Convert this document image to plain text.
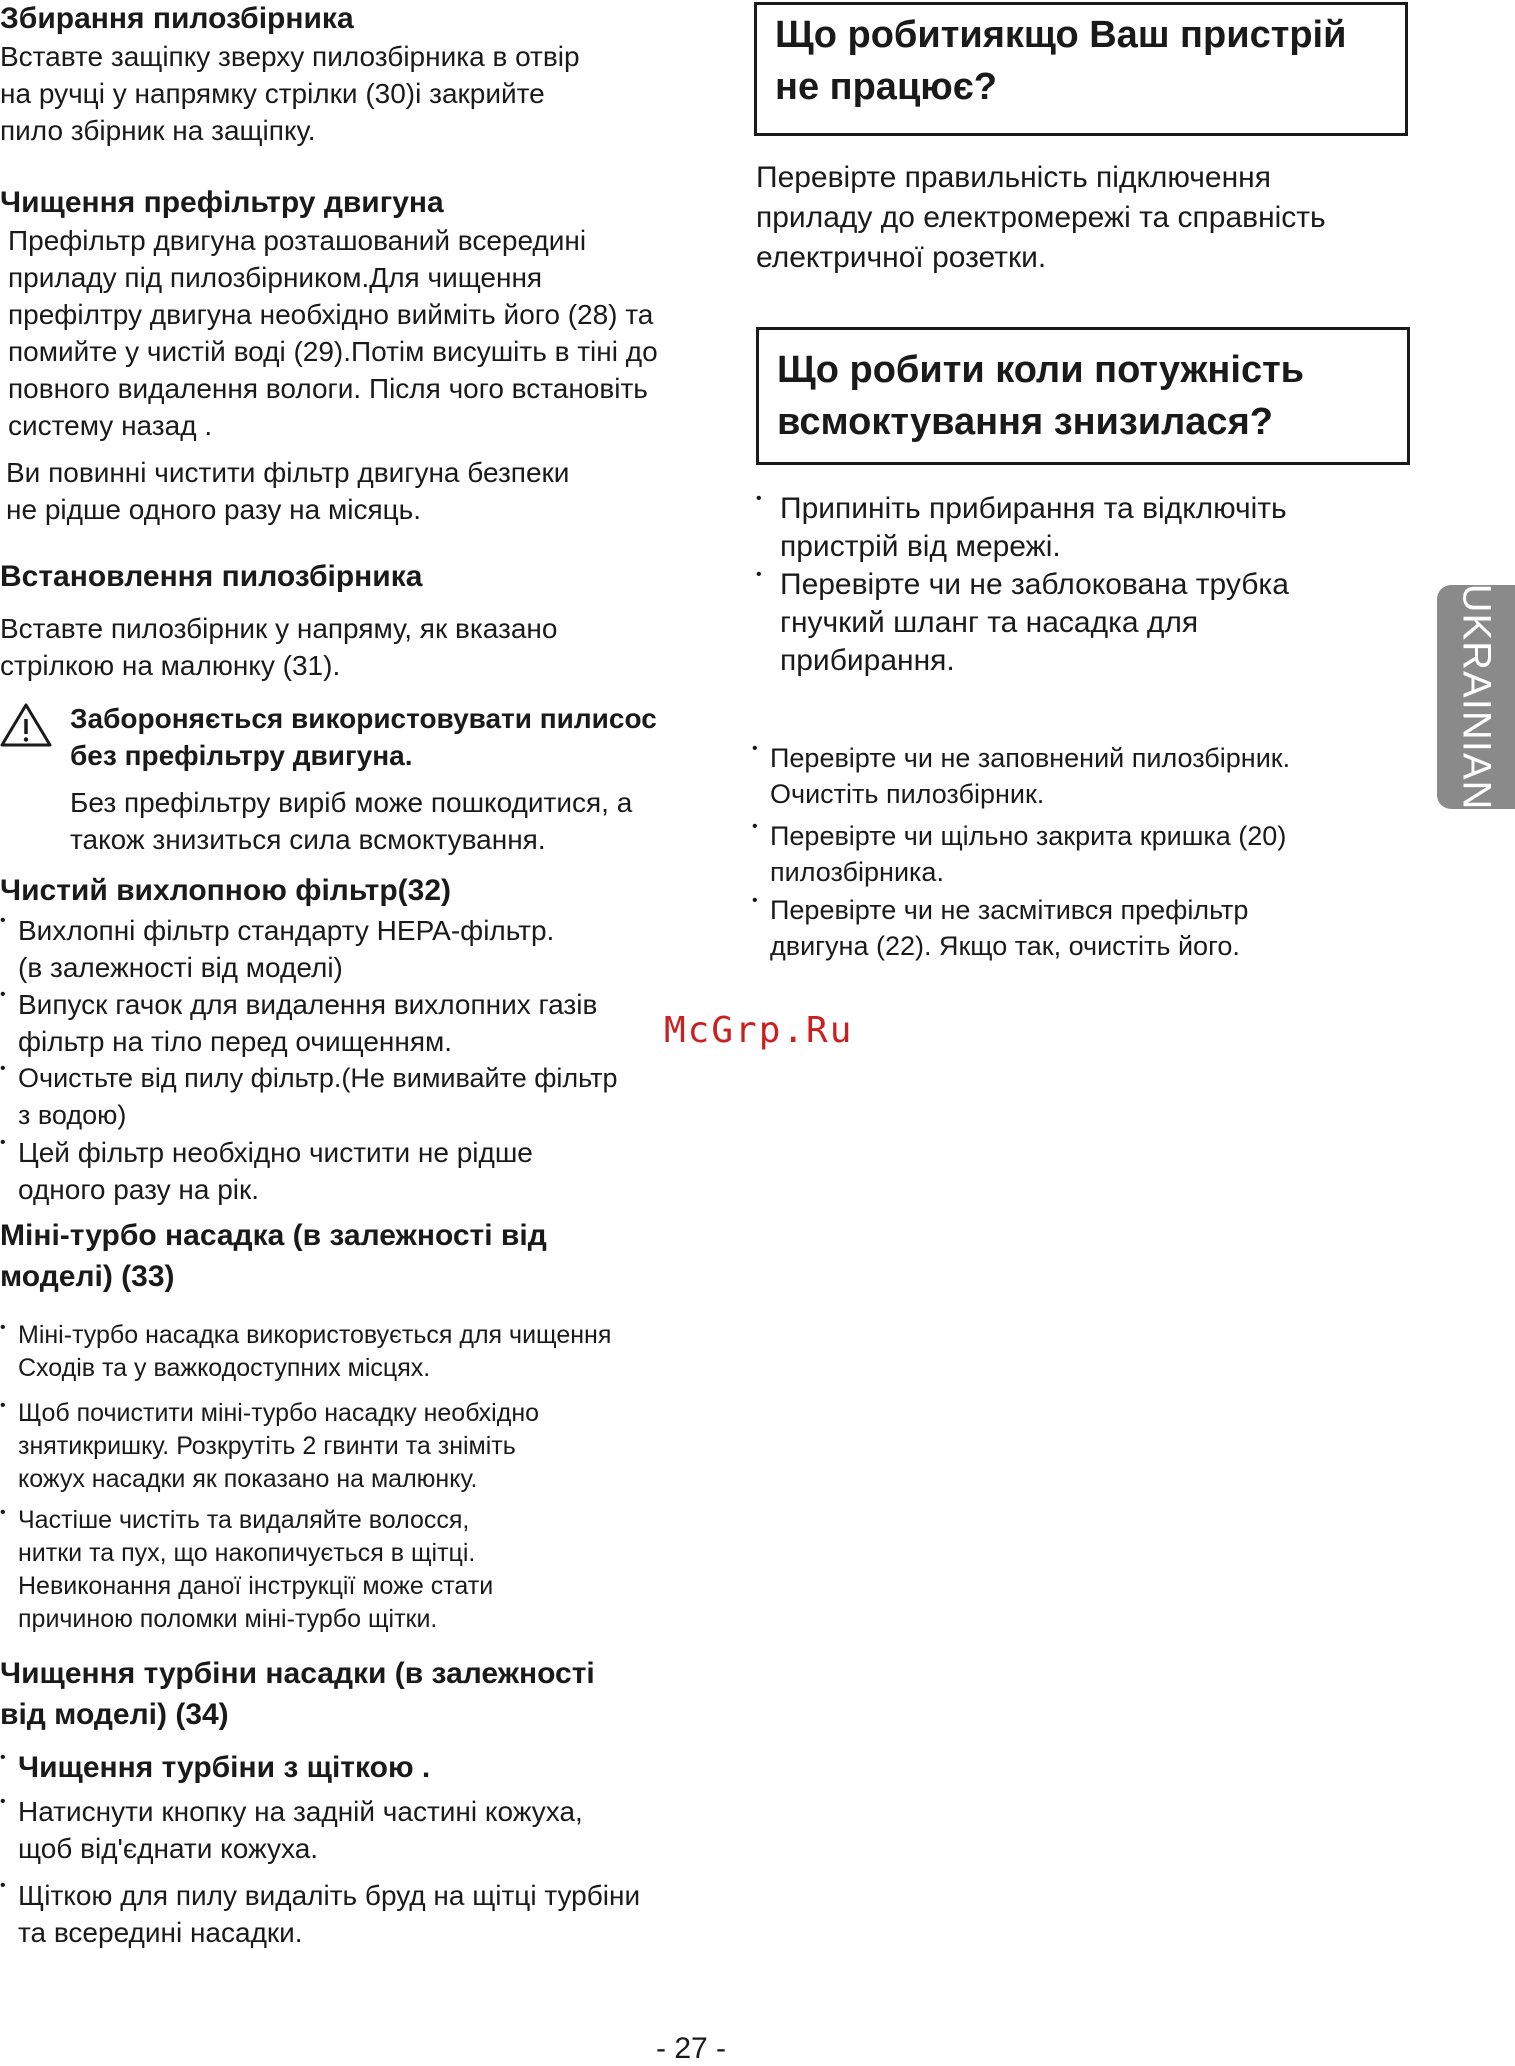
Збирання пилозбірника

Вставте защіпку зверху пилозбірника в отвір

на ручці у напрямку стрілки (30)і закрийте

пило збірник на защіпку.

Чищення префільтру двигуна

Префільтр двигуна розташований всередині

приладу під пилозбірником.Для чищення

префілтру двигуна необхідно вийміть його (28) та

помийте у чистій воді (29).Потім висушіть в тіні до

повного видалення вологи. Після чого встановіть

систему назад .

Ви повинні чистити фільтр двигуна безпеки

не рідше одного разу на місяць.

Встановлення пилозбірника

Вставте пилозбірник у напряму, як вказано

стрілкою на малюнку (31).

Забороняється використовувати пилисос

без префільтру двигуна.

Без префільтру виріб може пошкодитися, а

також знизиться сила всмоктування.

Чистий вихлопною фільтр(32)

• Вихлопні фільтр стандарту HEPA-фільтр.

(в залежності від моделі)

• Випуск гачок для видалення вихлопних газів

фільтр на тіло перед очищенням.

• Очистьте від пилу фільтр.(Не вимивайте фільтр

з водою)

• Цей фільтр необхідно чистити не рідше

одного разу на рік.

Міні-турбо насадка (в залежності від
моделі) (33)

• Міні-турбо насадка використовується для чищення

Сходів та у важкодоступних місцях.

• Щоб почистити міні-турбо насадку необхідно

знятикришку. Розкрутіть 2 гвинти та зніміть

кожух насадки як показано на малюнку.

• Частіше чистіть та видаляйте волосся,

нитки та пух, що накопичується в щітці.

Невиконання даної інструкції може стати

причиною поломки міні-турбо щітки.

Чищення турбіни насадки (в залежності
від моделі) (34)
• Чищення турбіни з щіткою .

• Натиснути кнопку на задній частині кожуха,

щоб від'єднати кожуха.

• Щіткою для пилу видаліть бруд на щітці турбіни

та всередині насадки.

Що робитиякщо Ваш пристрій
не працює?

Перевірте правильність підключення

приладу до електромережі та справність

електричної розетки.

Що робити коли потужність
всмоктування знизилася?

• Припиніть прибирання та відключіть

пристрій від мережі.

• Перевірте чи не заблокована трубка

гнучкий шланг та насадка для

прибирання.

• Перевірте чи не заповнений пилозбірник.

Очистіть пилозбірник.

• Перевірте чи щільно закрита кришка (20)

пилозбірника.

• Перевірте чи не засмітився префільтр

двигуна (22). Якщо так, очистіть його.

UKRAINIAN
McGrp.Ru
- 27 -
